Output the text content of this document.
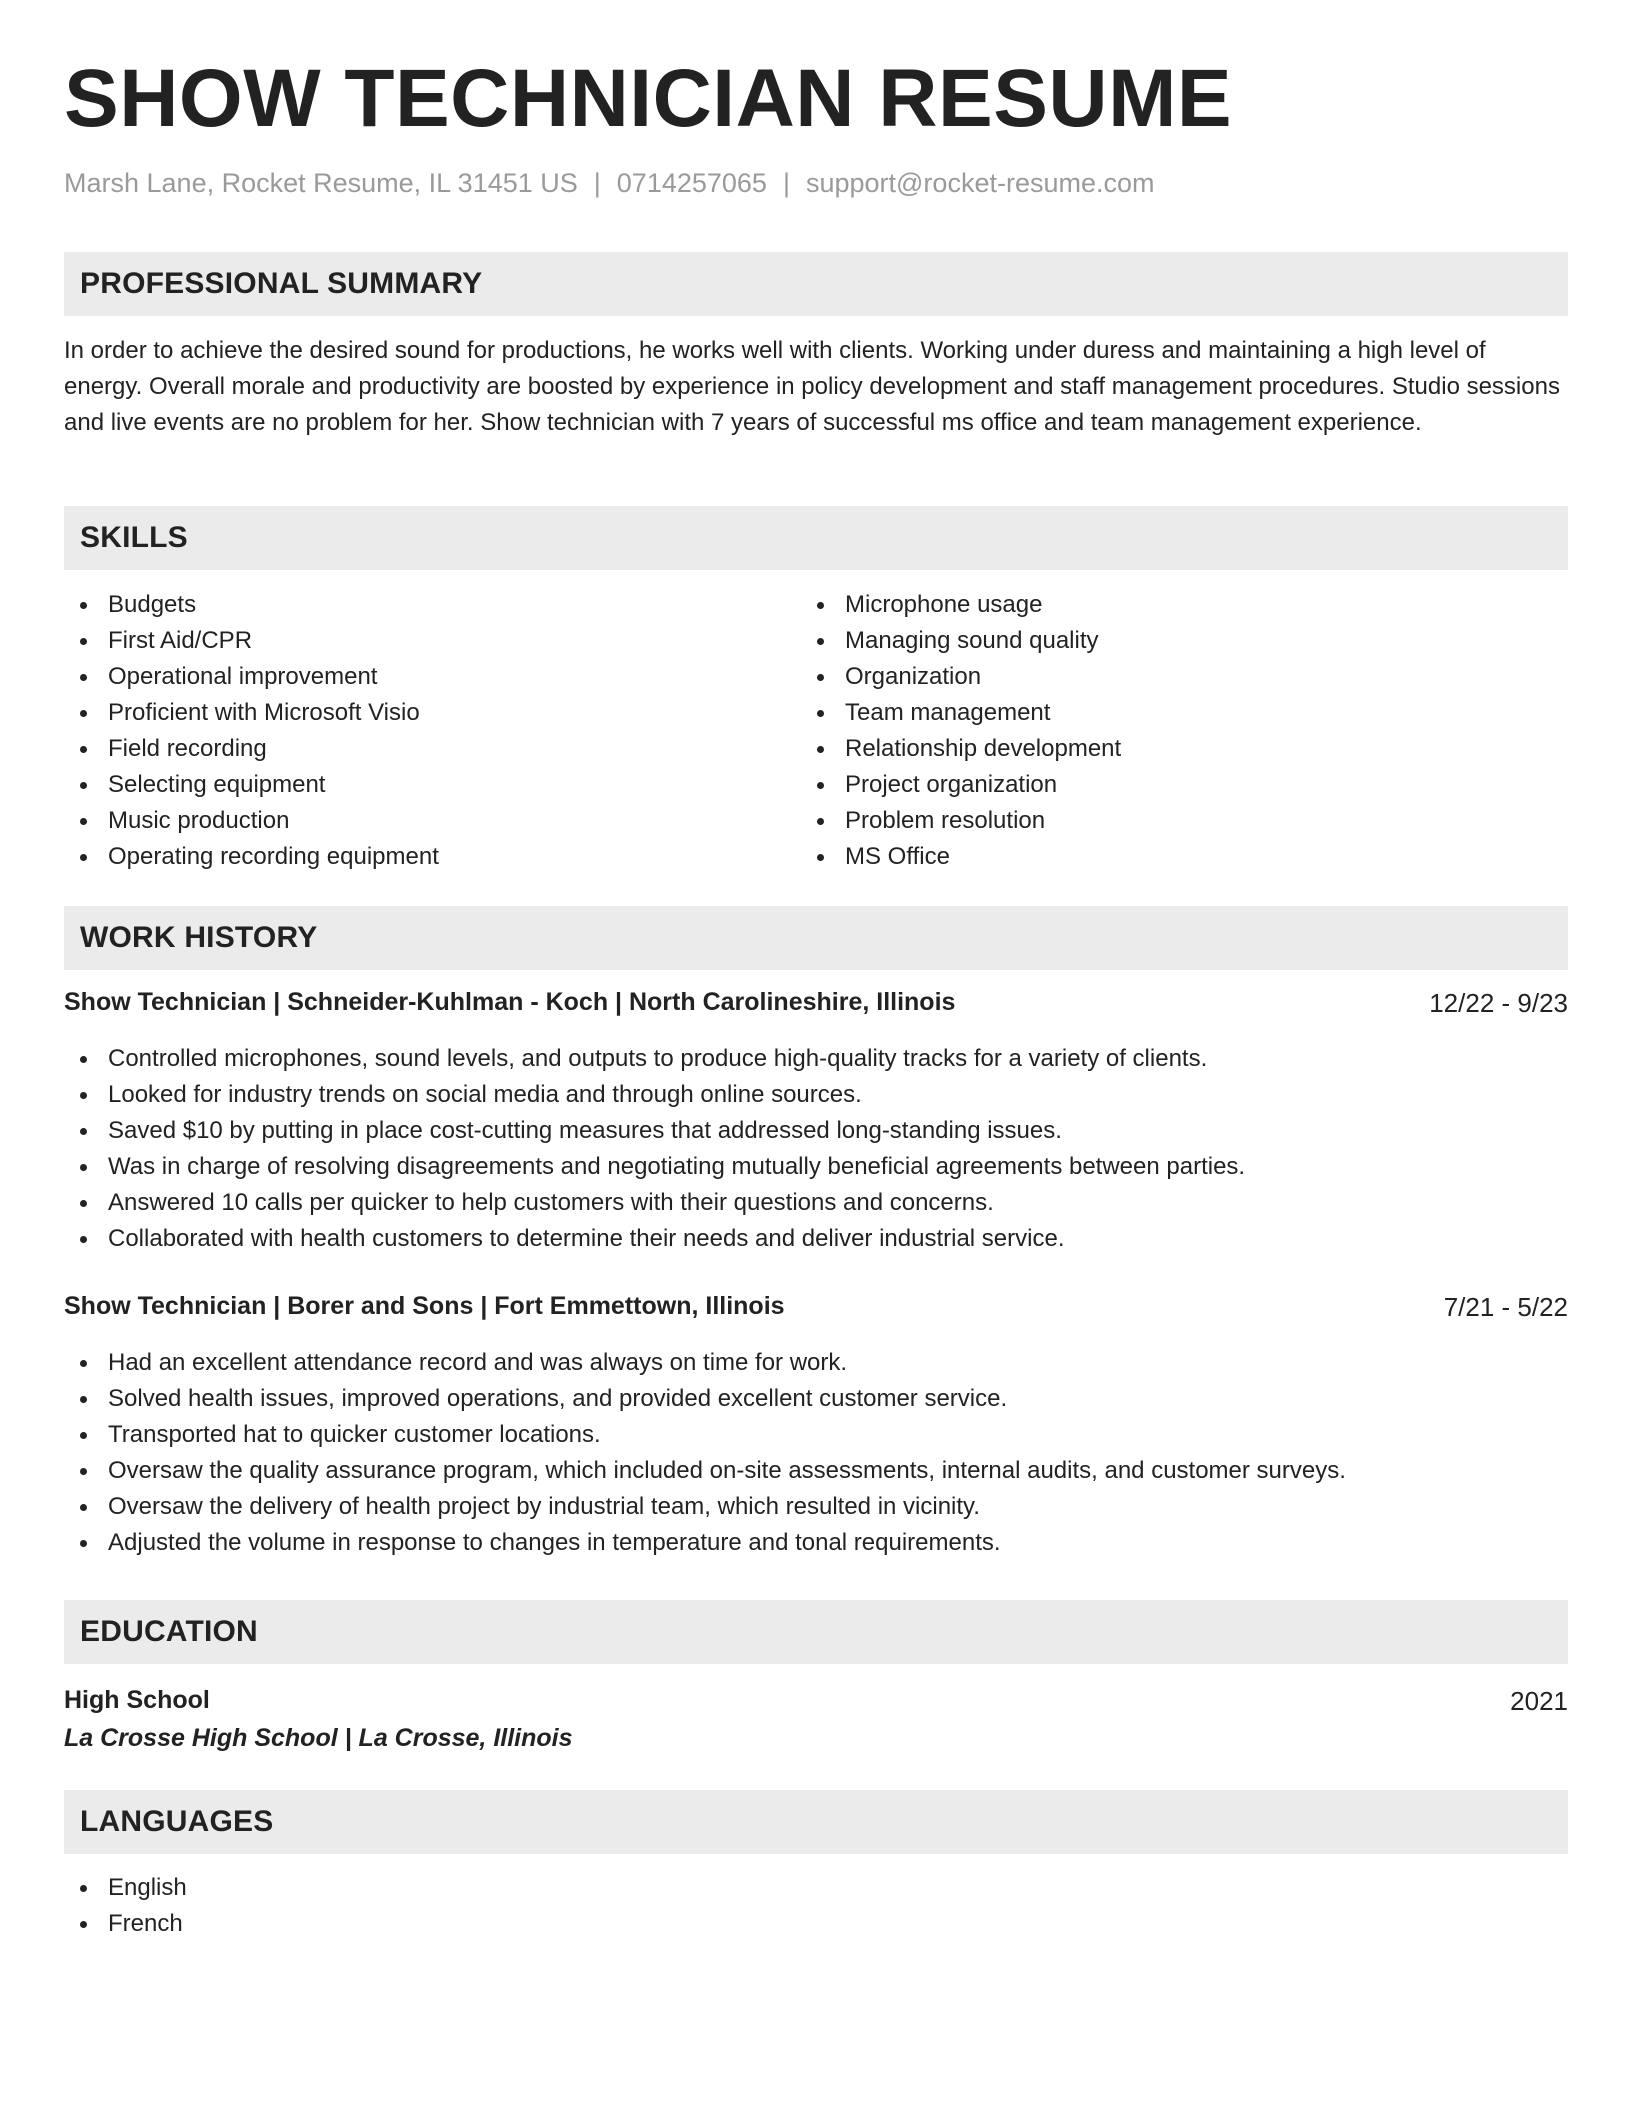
SHOW TECHNICIAN RESUME
Marsh Lane, Rocket Resume, IL 31451 US | 0714257065 | support@rocket-resume.com
PROFESSIONAL SUMMARY

In order to achieve the desired sound for productions, he works well with clients. Working under duress and maintaining a high level of energy. Overall morale and productivity are boosted by experience in policy development and staff management procedures. Studio sessions and live events are no problem for her. Show technician with 7 years of successful ms office and team management experience.

SKILLS
Budgets
First Aid/CPR
Operational improvement
Proficient with Microsoft Visio
Field recording
Selecting equipment
Music production
Operating recording equipment
Microphone usage
Managing sound quality
Organization
Team management
Relationship development
Project organization
Problem resolution
MS Office
WORK HISTORY
Show Technician | Schneider-Kuhlman - Koch | North Carolineshire, Illinois	12/22 - 9/23
Controlled microphones, sound levels, and outputs to produce high-quality tracks for a variety of clients.
Looked for industry trends on social media and through online sources.
Saved $10 by putting in place cost-cutting measures that addressed long-standing issues.
Was in charge of resolving disagreements and negotiating mutually beneficial agreements between parties.
Answered 10 calls per quicker to help customers with their questions and concerns.
Collaborated with health customers to determine their needs and deliver industrial service.
Show Technician | Borer and Sons | Fort Emmettown, Illinois	7/21 - 5/22
Had an excellent attendance record and was always on time for work.
Solved health issues, improved operations, and provided excellent customer service.
Transported hat to quicker customer locations.
Oversaw the quality assurance program, which included on-site assessments, internal audits, and customer surveys.
Oversaw the delivery of health project by industrial team, which resulted in vicinity.
Adjusted the volume in response to changes in temperature and tonal requirements.
EDUCATION
High School	2021
La Crosse High School | La Crosse, Illinois
LANGUAGES
English
French
